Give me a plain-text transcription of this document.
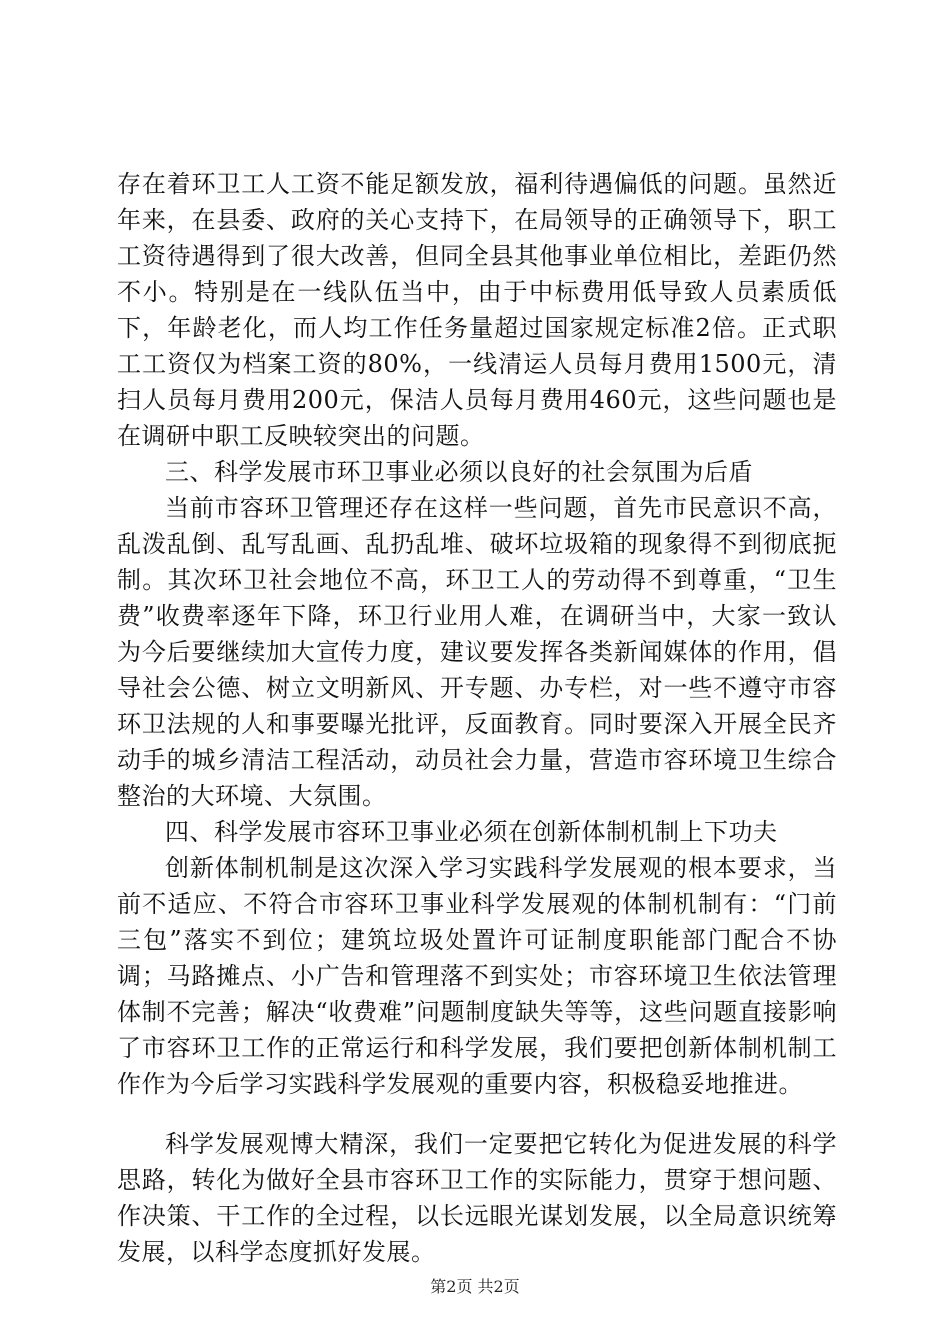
存在着环卫工人工资不能足额发放，福利待遇偏低的问题。虽然近年来，在县委、政府的关心支持下，在局领导的正确领导下，职工工资待遇得到了很大改善，但同全县其他事业单位相比，差距仍然不小。特别是在一线队伍当中，由于中标费用低导致人员素质低下，年龄老化，而人均工作任务量超过国家规定标准2倍。正式职工工资仅为档案工资的80%，一线清运人员每月费用1500元，清扫人员每月费用200元，保洁人员每月费用460元，这些问题也是在调研中职工反映较突出的问题。

三、科学发展市环卫事业必须以良好的社会氛围为后盾

当前市容环卫管理还存在这样一些问题，首先市民意识不高，乱泼乱倒、乱写乱画、乱扔乱堆、破坏垃圾箱的现象得不到彻底扼制。其次环卫社会地位不高，环卫工人的劳动得不到尊重，“卫生费”收费率逐年下降，环卫行业用人难，在调研当中，大家一致认为今后要继续加大宣传力度，建议要发挥各类新闻媒体的作用，倡导社会公德、树立文明新风、开专题、办专栏，对一些不遵守市容环卫法规的人和事要曝光批评，反面教育。同时要深入开展全民齐动手的城乡清洁工程活动，动员社会力量，营造市容环境卫生综合整治的大环境、大氛围。

四、科学发展市容环卫事业必须在创新体制机制上下功夫

创新体制机制是这次深入学习实践科学发展观的根本要求，当前不适应、不符合市容环卫事业科学发展观的体制机制有：“门前三包”落实不到位；建筑垃圾处置许可证制度职能部门配合不协调；马路摊点、小广告和管理落不到实处；市容环境卫生依法管理体制不完善；解决“收费难”问题制度缺失等等，这些问题直接影响了市容环卫工作的正常运行和科学发展，我们要把创新体制机制工作作为今后学习实践科学发展观的重要内容，积极稳妥地推进。

科学发展观博大精深，我们一定要把它转化为促进发展的科学思路，转化为做好全县市容环卫工作的实际能力，贯穿于想问题、作决策、干工作的全过程，以长远眼光谋划发展，以全局意识统筹发展，以科学态度抓好发展。

第2页 共2页
